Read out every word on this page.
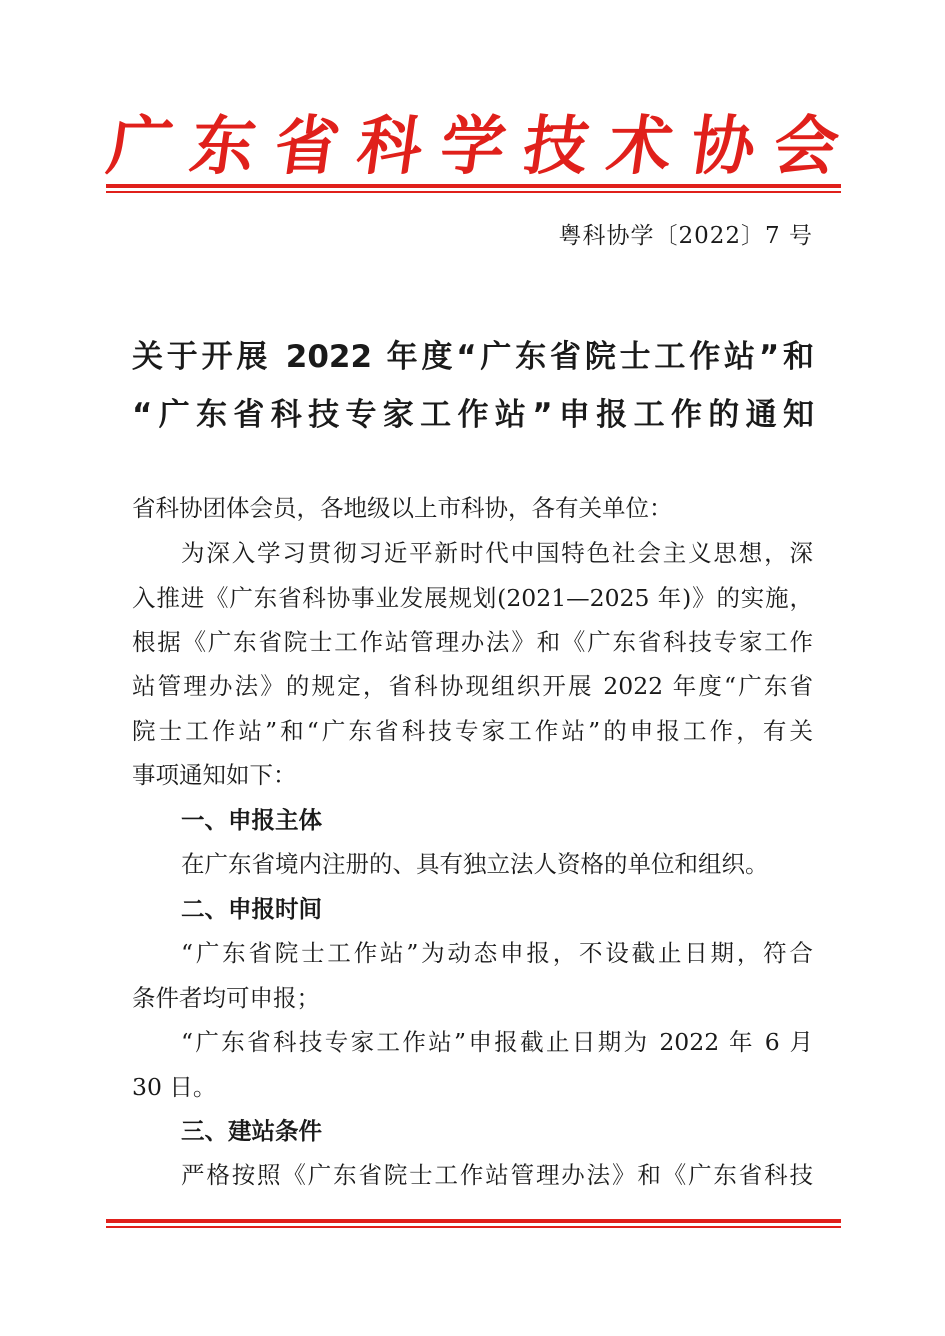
广 东 省 科 学 技 术 协 会
粤科协学〔2022〕7 号
关于开展 2022 年度“广东省院士工作站”和
“广东省科技专家工作站”申报工作的通知
省科协团体会员，各地级以上市科协，各有关单位：
为深入学习贯彻习近平新时代中国特色社会主义思想，深
入推进《广东省科协事业发展规划(2021—2025 年)》的实施，
根据《广东省院士工作站管理办法》和《广东省科技专家工作
站管理办法》的规定，省科协现组织开展 2022 年度“广东省
院士工作站”和“广东省科技专家工作站”的申报工作，有关
事项通知如下：
一、申报主体
在广东省境内注册的、具有独立法人资格的单位和组织。
二、申报时间
“广东省院士工作站”为动态申报，不设截止日期，符合
条件者均可申报；
“广东省科技专家工作站”申报截止日期为 2022 年 6 月
30 日。
三、建站条件
严格按照《广东省院士工作站管理办法》和《广东省科技
